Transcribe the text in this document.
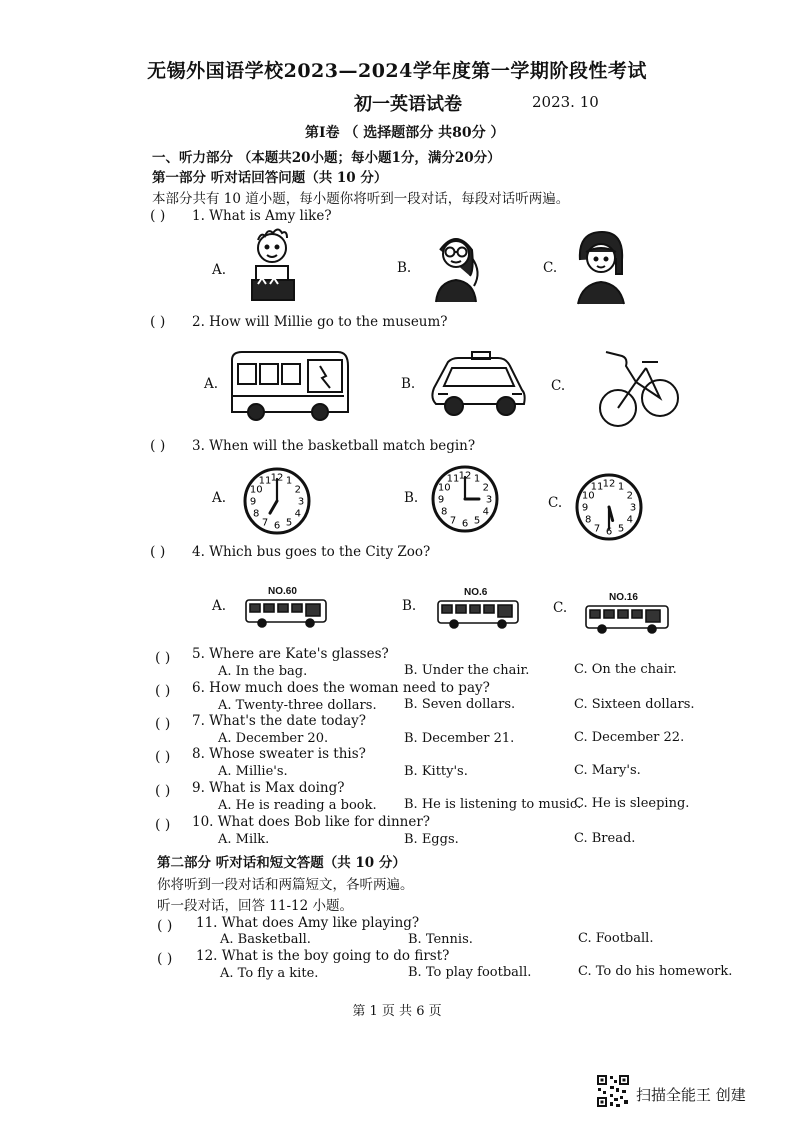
无锡外国语学校2023—2024学年度第一学期阶段性考试
初一英语试卷	2023. 10
第Ⅰ卷 （ 选择题部分 共80分 ）
一、听力部分 （本题共20小题；每小题1分，满分20分）
第一部分 听对话回答问题（共 10 分）
本部分共有 10 道小题，每小题你将听到一段对话，每段对话听两遍。
( ) 1. What is Amy like?
A.	B.	C.
( ) 2. How will Millie go to the museum?
A.	B.	C.
( ) 3. When will the basketball match begin?
A.	B.	C.
1
2
3
4
5
6
7
8
9
10
11 12	1
2
3
4
5
6
7
8
9
10
11 12
1
2
3
4
5
6
7
8
9
10
11 12
( ) 4. Which bus goes to the City Zoo?
A.	B.	C.
NO.60	NO.6	NO.16
( ) 5. Where are Kate's glasses?
A. In the bag.	B. Under the chair.	C. On the chair.
( ) 6. How much does the woman need to pay?
A. Twenty-three dollars. B. Seven dollars.	C. Sixteen dollars.
( ) 7. What's the date today?
A. December 20.	B. December 21.	C. December 22.
( ) 8. Whose sweater is this?
A. Millie's.	B. Kitty's.	C. Mary's.
( ) 9. What is Max doing?
A. He is reading a book. B. He is listening to music.
C. He is sleeping.
( ) 10. What does Bob like for dinner?
A. Milk.	B. Eggs.	C. Bread.
第二部分 听对话和短文答题（共 10 分）
你将听到一段对话和两篇短文，各听两遍。
听一段对话，回答 11-12 小题。
( ) 11. What does Amy like playing?
A. Basketball.	B. Tennis.	C. Football.
( ) 12. What is the boy going to do first?
A. To fly a kite.	B. To play football.	C. To do his homework.
第 1 页 共 6 页
扫描全能王 创建
